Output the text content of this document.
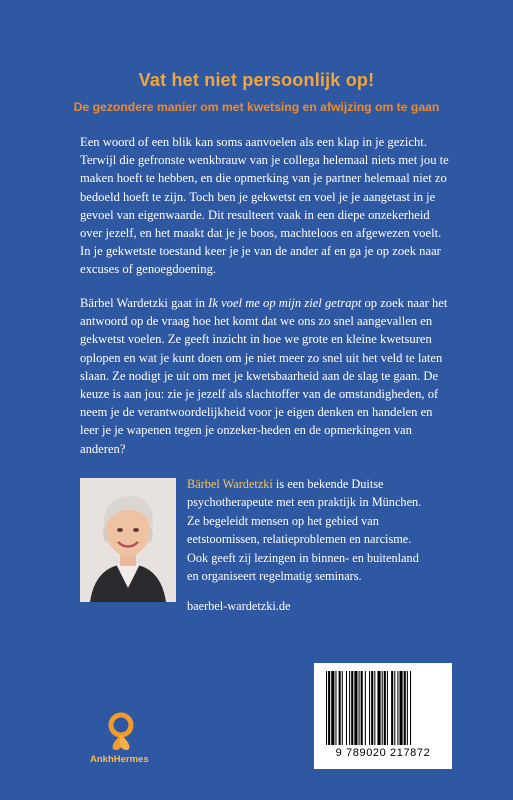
Vat het niet persoonlijk op!
De gezondere manier om met kwetsing en afwijzing om te gaan

Een woord of een blik kan soms aanvoelen als een klap in je gezicht. Terwijl die gefronste wenkbrauw van je collega helemaal niets met jou te maken hoeft te hebben, en die opmerking van je partner helemaal niet zo bedoeld hoeft te zijn. Toch ben je gekwetst en voel je je aangetast in je gevoel van eigenwaarde. Dit resulteert vaak in een diepe onzekerheid over jezelf, en het maakt dat je je boos, machteloos en afgewezen voelt. In je gekwetste toestand keer je je van de ander af en ga je op zoek naar excuses of genoegdoening.

Bärbel Wardetzki gaat in Ik voel me op mijn ziel getrapt op zoek naar het antwoord op de vraag hoe het komt dat we ons zo snel aangevallen en gekwetst voelen. Ze geeft inzicht in hoe we grote en kleine kwetsuren oplopen en wat je kunt doen om je niet meer zo snel uit het veld te laten slaan. Ze nodigt je uit om met je kwetsbaarheid aan de slag te gaan. De keuze is aan jou: zie je jezelf als slachtoffer van de omstandigheden, of neem je de verantwoordelijkheid voor je eigen denken en handelen en leer je je wapenen tegen je onzeker-heden en de opmerkingen van anderen?

Bärbel Wardetzki is een bekende Duitse psychotherapeute met een praktijk in München. Ze begeleidt mensen op het gebied van eetstoornissen, relatieproblemen en narcisme. Ook geeft zij lezingen in binnen- en buitenland en organiseert regelmatig seminars.
baerbel-wardetzki.de
AnkhHermes
9 789020 217872
